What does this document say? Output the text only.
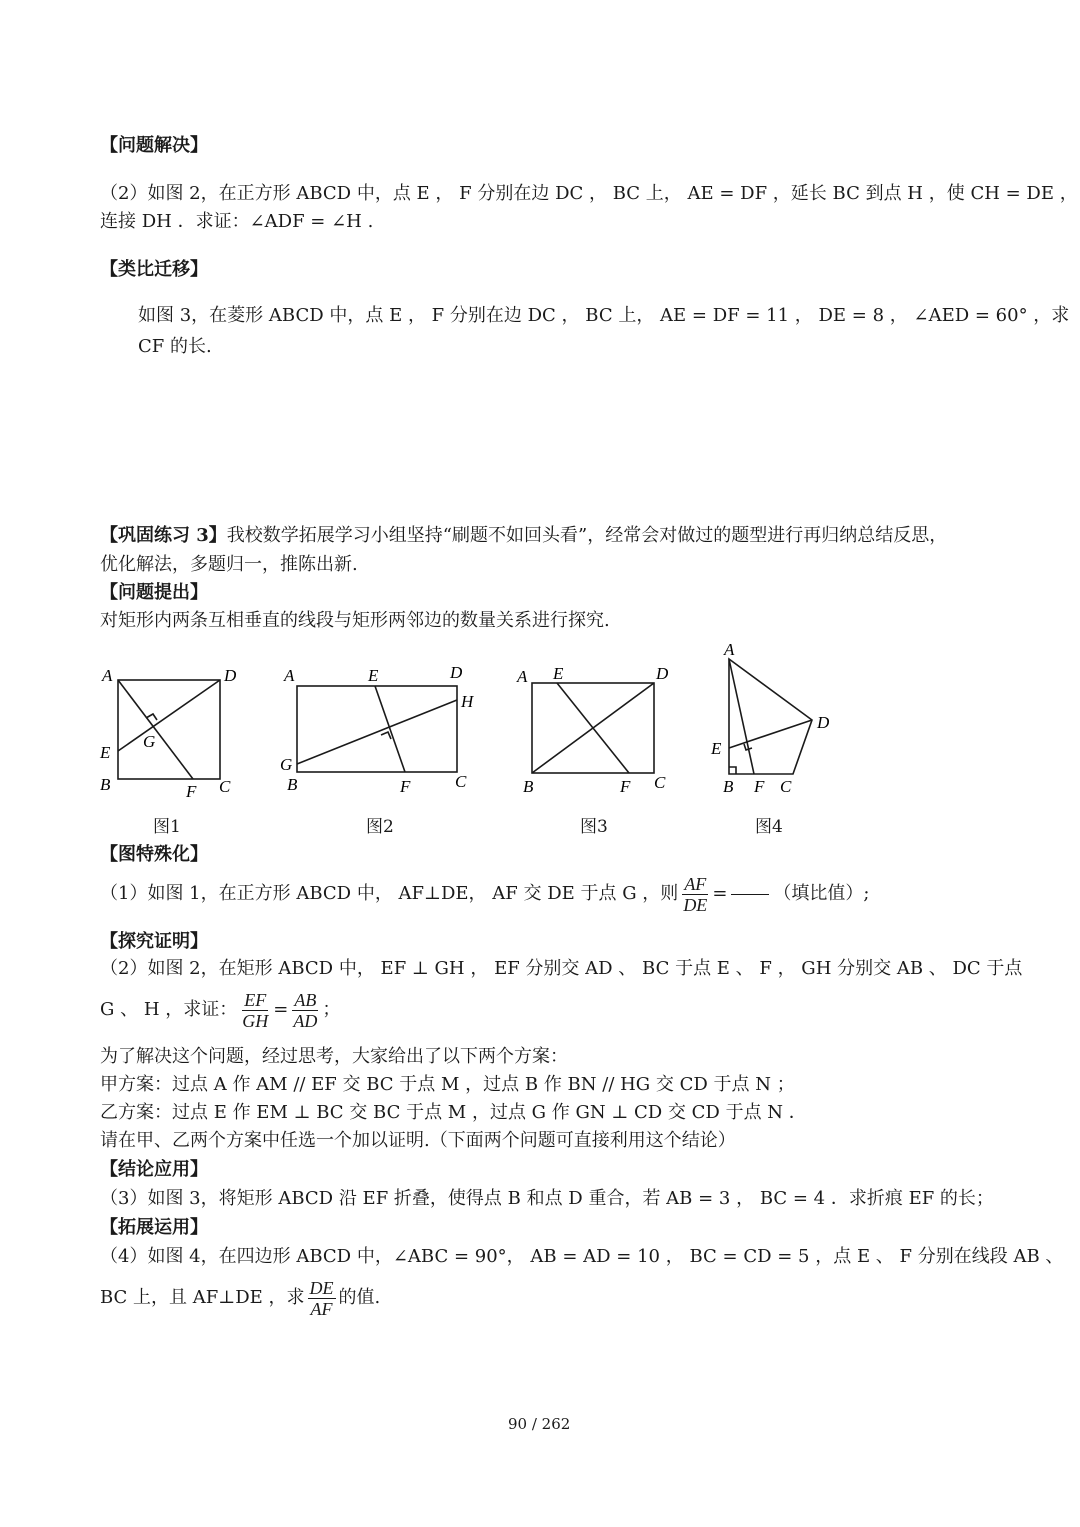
【问题解决】
（2）如图 2，在正方形 ABCD 中，点 E ， F 分别在边 DC ， BC 上， AE = DF ，延长 BC 到点 H ，使 CH = DE ，
连接 DH ．求证：∠ADF = ∠H .
【类比迁移】
如图 3，在菱形 ABCD 中，点 E ， F 分别在边 DC ， BC 上， AE = DF = 11 ， DE = 8 ， ∠AED = 60° ，求
CF 的长.
【巩固练习 3】我校数学拓展学习小组坚持“刷题不如回头看”，经常会对做过的题型进行再归纳总结反思，
优化解法，多题归一，推陈出新.
【问题提出】
对矩形内两条互相垂直的线段与矩形两邻边的数量关系进行探究.
A	D
E
G
B	F C
A	E	D
H
G
B	F	C
A E	D
B	F C
A
D
E
B F C
图1	图2	图3	图4
【图特殊化】
（1）如图 1，在正方形 ABCD 中， AF⊥DE， AF 交 DE 于点 G ，则 $\frac{AF}{DE}$ =	（填比值）;
【探究证明】
（2）如图 2，在矩形 ABCD 中， EF ⊥ GH ， EF 分别交 AD 、 BC 于点 E 、 F ， GH 分别交 AB 、 DC 于点
G 、 H ，求证： $\frac{EF}{GH} = \frac{AB}{AD}$ ；
为了解决这个问题，经过思考，大家给出了以下两个方案：
甲方案：过点 A 作 AM // EF 交 BC 于点 M ，过点 B 作 BN // HG 交 CD 于点 N ；
乙方案：过点 E 作 EM ⊥ BC 交 BC 于点 M ，过点 G 作 GN ⊥ CD 交 CD 于点 N ．
请在甲、乙两个方案中任选一个加以证明.（下面两个问题可直接利用这个结论）
【结论应用】
（3）如图 3，将矩形 ABCD 沿 EF 折叠，使得点 B 和点 D 重合，若 AB = 3 ， BC = 4 ．求折痕 EF 的长；
【拓展运用】
（4）如图 4，在四边形 ABCD 中，∠ABC = 90°， AB = AD = 10 ， BC = CD = 5 ，点 E 、 F 分别在线段 AB 、
BC 上，且 AF⊥DE ，求 $\frac{DE}{AF}$ 的值.
90 / 262
